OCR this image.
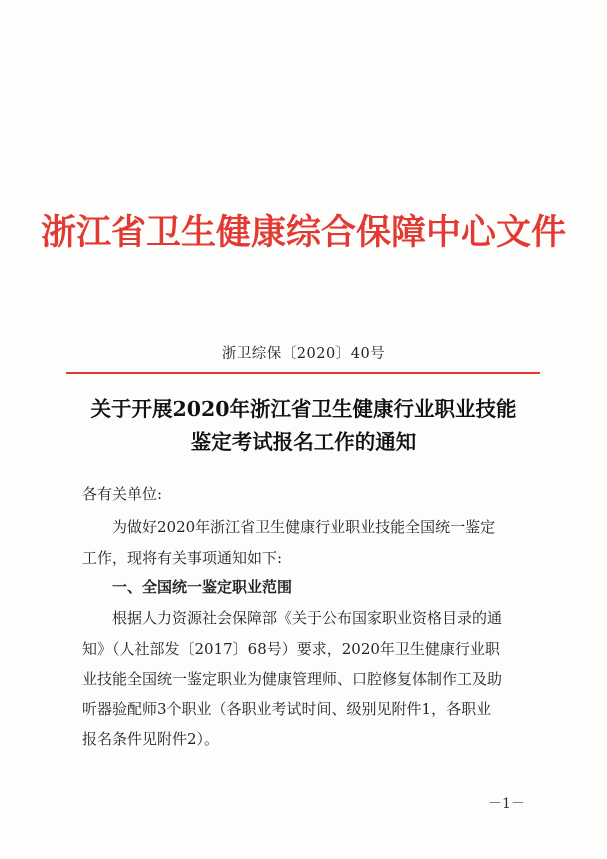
浙江省卫生健康综合保障中心文件
浙卫综保〔2020〕40号
关于开展2020年浙江省卫生健康行业职业技能
鉴定考试报名工作的通知
各有关单位:
为做好2020年浙江省卫生健康行业职业技能全国统一鉴定
工作，现将有关事项通知如下:
一、全国统一鉴定职业范围
根据人力资源社会保障部《关于公布国家职业资格目录的通
知》（人社部发〔2017〕68号）要求，2020年卫生健康行业职
业技能全国统一鉴定职业为健康管理师、口腔修复体制作工及助
听器验配师3个职业（各职业考试时间、级别见附件1，各职业
报名条件见附件2）。
－1－
